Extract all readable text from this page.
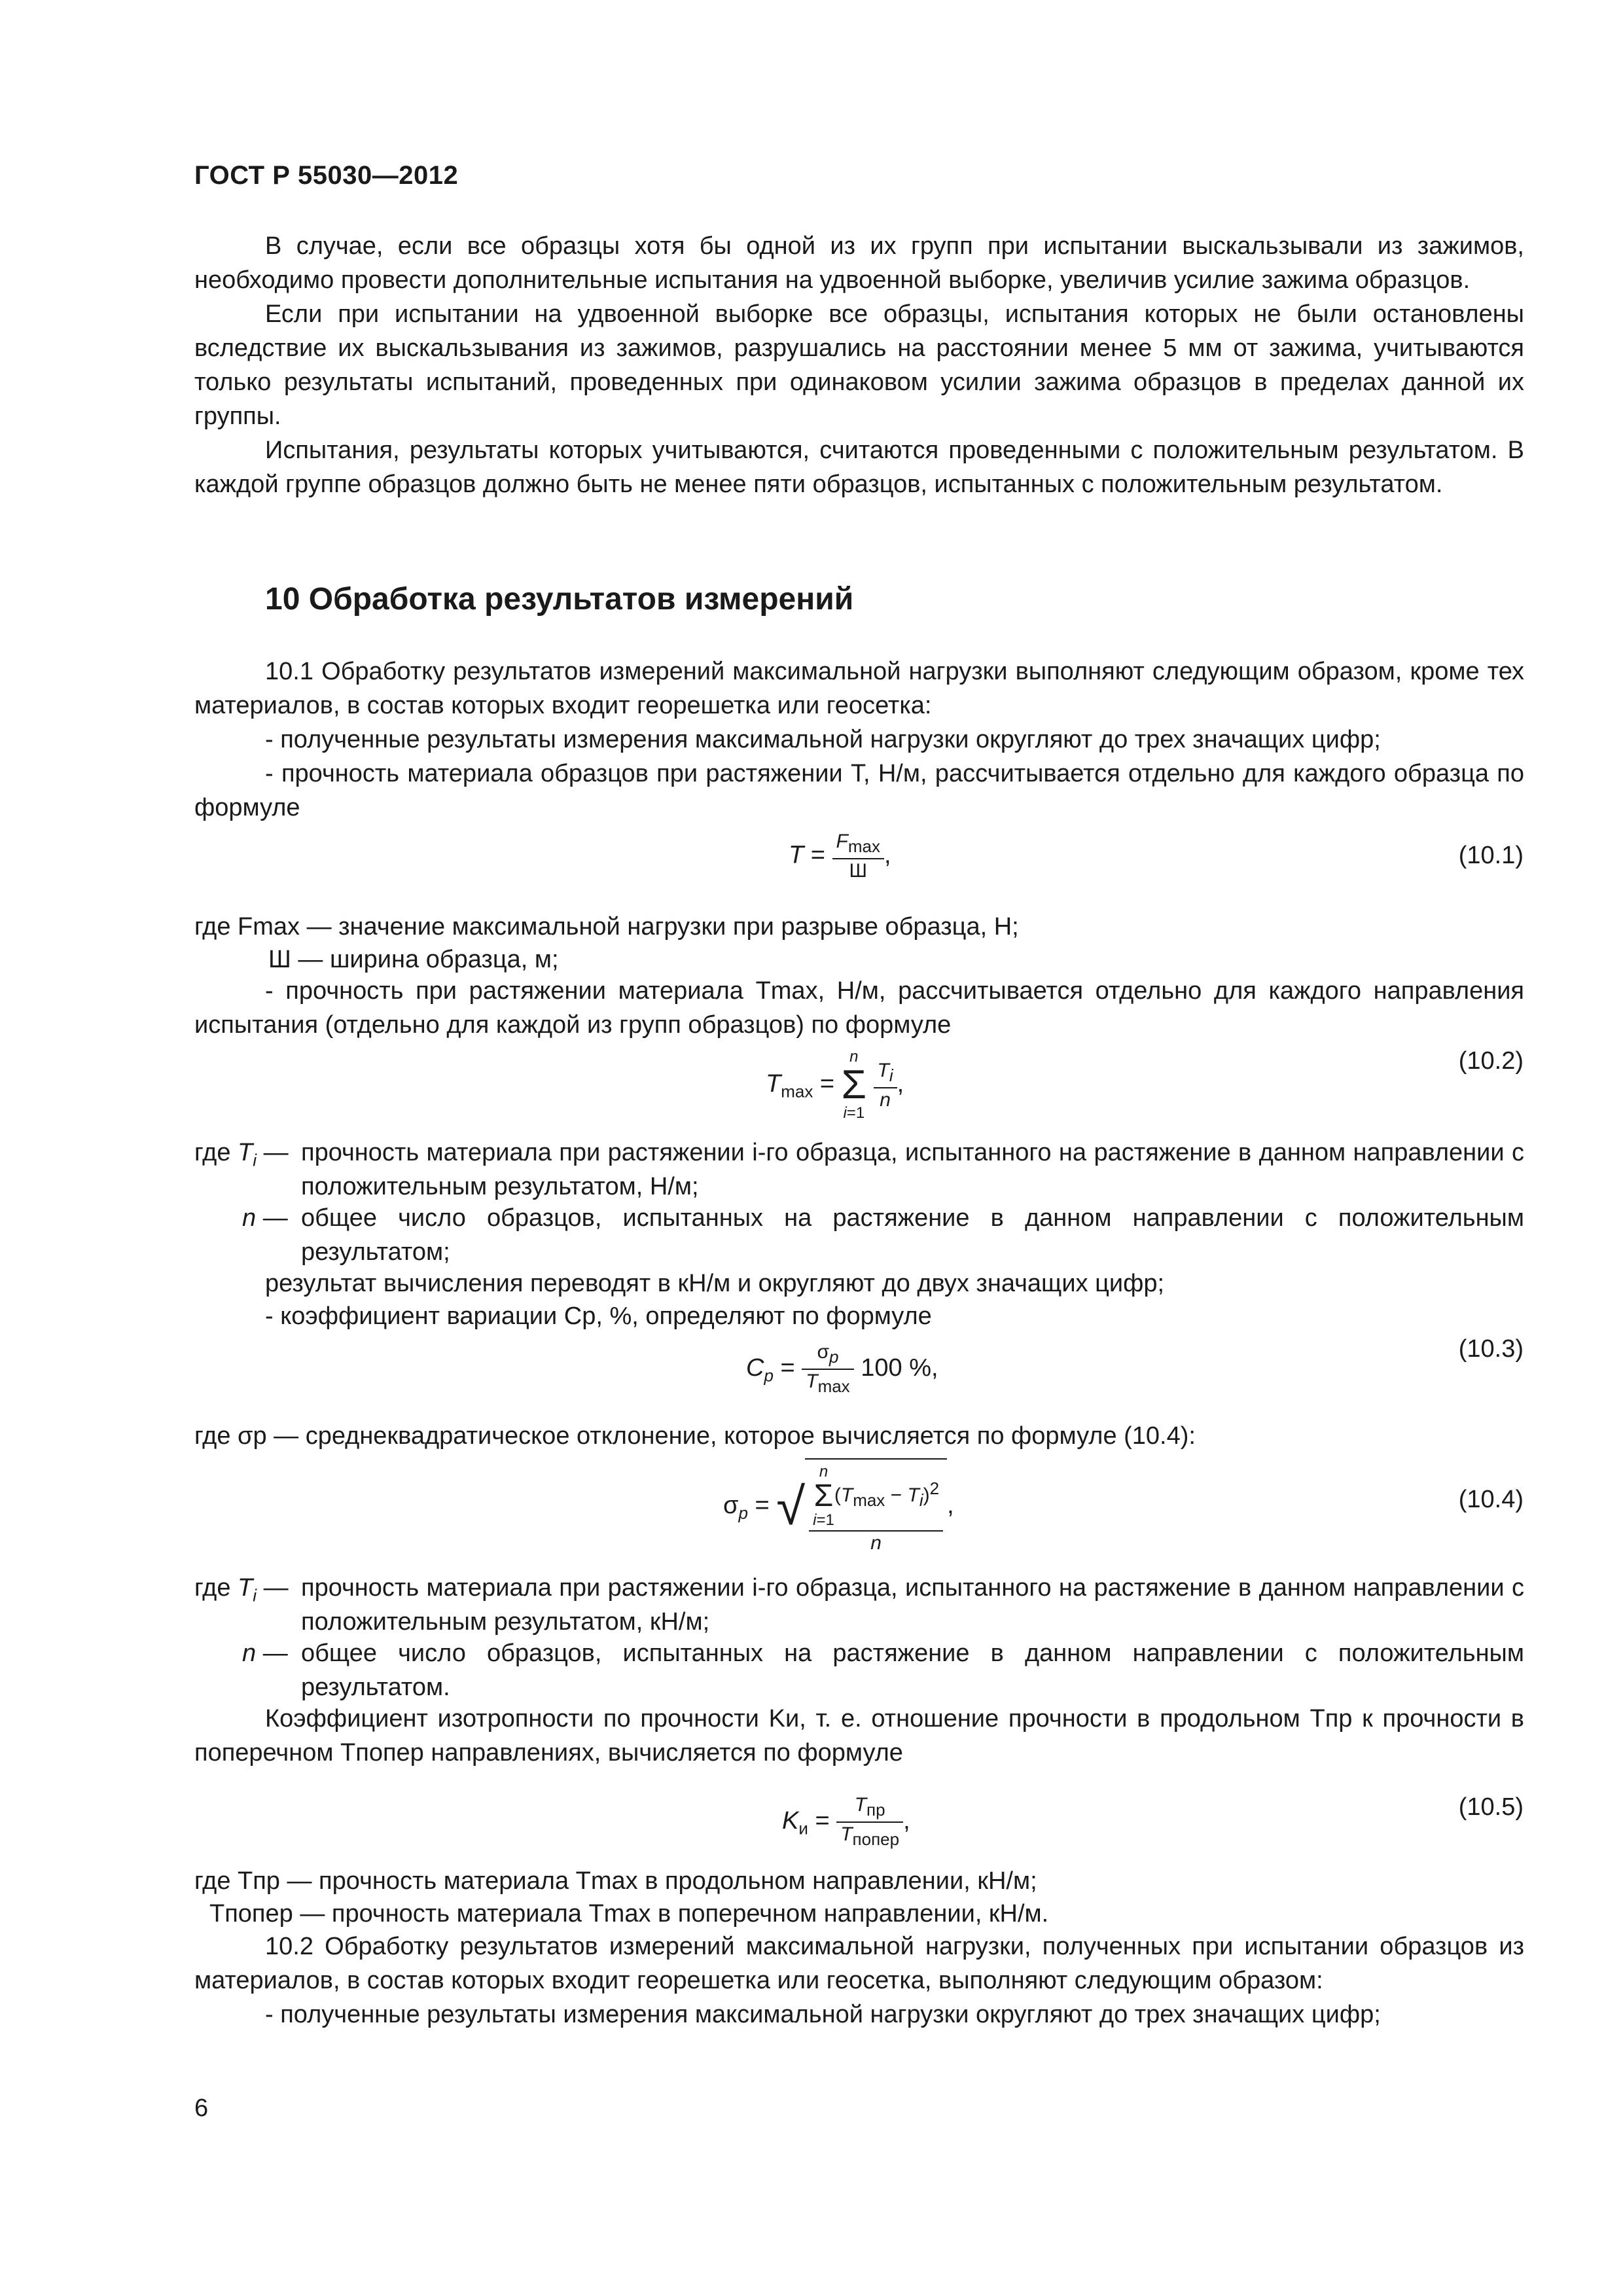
ГОСТ Р 55030—2012

В случае, если все образцы хотя бы одной из их групп при испытании выскальзывали из зажимов, необходимо провести дополнительные испытания на удвоенной выборке, увеличив усилие зажима образцов.

Если при испытании на удвоенной выборке все образцы, испытания которых не были остановлены вследствие их выскальзывания из зажимов, разрушались на расстоянии менее 5 мм от зажима, учитываются только результаты испытаний, проведенных при одинаковом усилии зажима образцов в пределах данной их группы.

Испытания, результаты которых учитываются, считаются проведенными с положительным результатом. В каждой группе образцов должно быть не менее пяти образцов, испытанных с положительным результатом.

10 Обработка результатов измерений

10.1 Обработку результатов измерений максимальной нагрузки выполняют следующим образом, кроме тех материалов, в состав которых входит георешетка или геосетка:

- полученные результаты измерения максимальной нагрузки округляют до трех значащих цифр;

- прочность материала образцов при растяжении T, Н/м, рассчитывается отдельно для каждого образца по формуле

$T = \frac{F_{max}}{Ш}$ ,	(10.1)
где Fmax — значение максимальной нагрузки при разрыве образца, Н;
Ш — ширина образца, м;

- прочность при растяжении материала Tmax, Н/м, рассчитывается отдельно для каждого направления испытания (отдельно для каждой из групп образцов) по формуле

$T_{max}$ =
n
Σ
i=1

$\frac{T_i}{n}$ ,
(10.2)
где $T_i$ — прочность материала при растяжении i-го образца, испытанного на растяжение в данном направлении с положительным результатом, Н/м;
n — общее число образцов, испытанных на растяжение в данном направлении с положительным результатом;
результат вычисления переводят в кН/м и округляют до двух значащих цифр;
- коэффициент вариации Cp, %, определяют по формуле
$C_p = \frac{\sigma_p}{T_{max}} 100$ %,
(10.3)
где σp — среднеквадратическое отклонение, которое вычисляется по формуле (10.4):
$\sigma_p$ = √ n
Σ
i=1
$(T_{max} - T_i)^2$
n ,	(10.4)
где $T_i$ — прочность материала при растяжении i-го образца, испытанного на растяжение в данном направлении с положительным результатом, кН/м;
n — общее число образцов, испытанных на растяжение в данном направлении с положительным результатом.

Коэффициент изотропности по прочности Kи, т. е. отношение прочности в продольном Tпр к прочности в поперечном Tпопер направлениях, вычисляется по формуле

$K_и = \frac{T_{пр}}{T_{попер}}$ ,
(10.5)
где Tпр — прочность материала Tmax в продольном направлении, кН/м;
Tпопер — прочность материала Tmax в поперечном направлении, кН/м.

10.2 Обработку результатов измерений максимальной нагрузки, полученных при испытании образцов из материалов, в состав которых входит георешетка или геосетка, выполняют следующим образом:

- полученные результаты измерения максимальной нагрузки округляют до трех значащих цифр;

6
